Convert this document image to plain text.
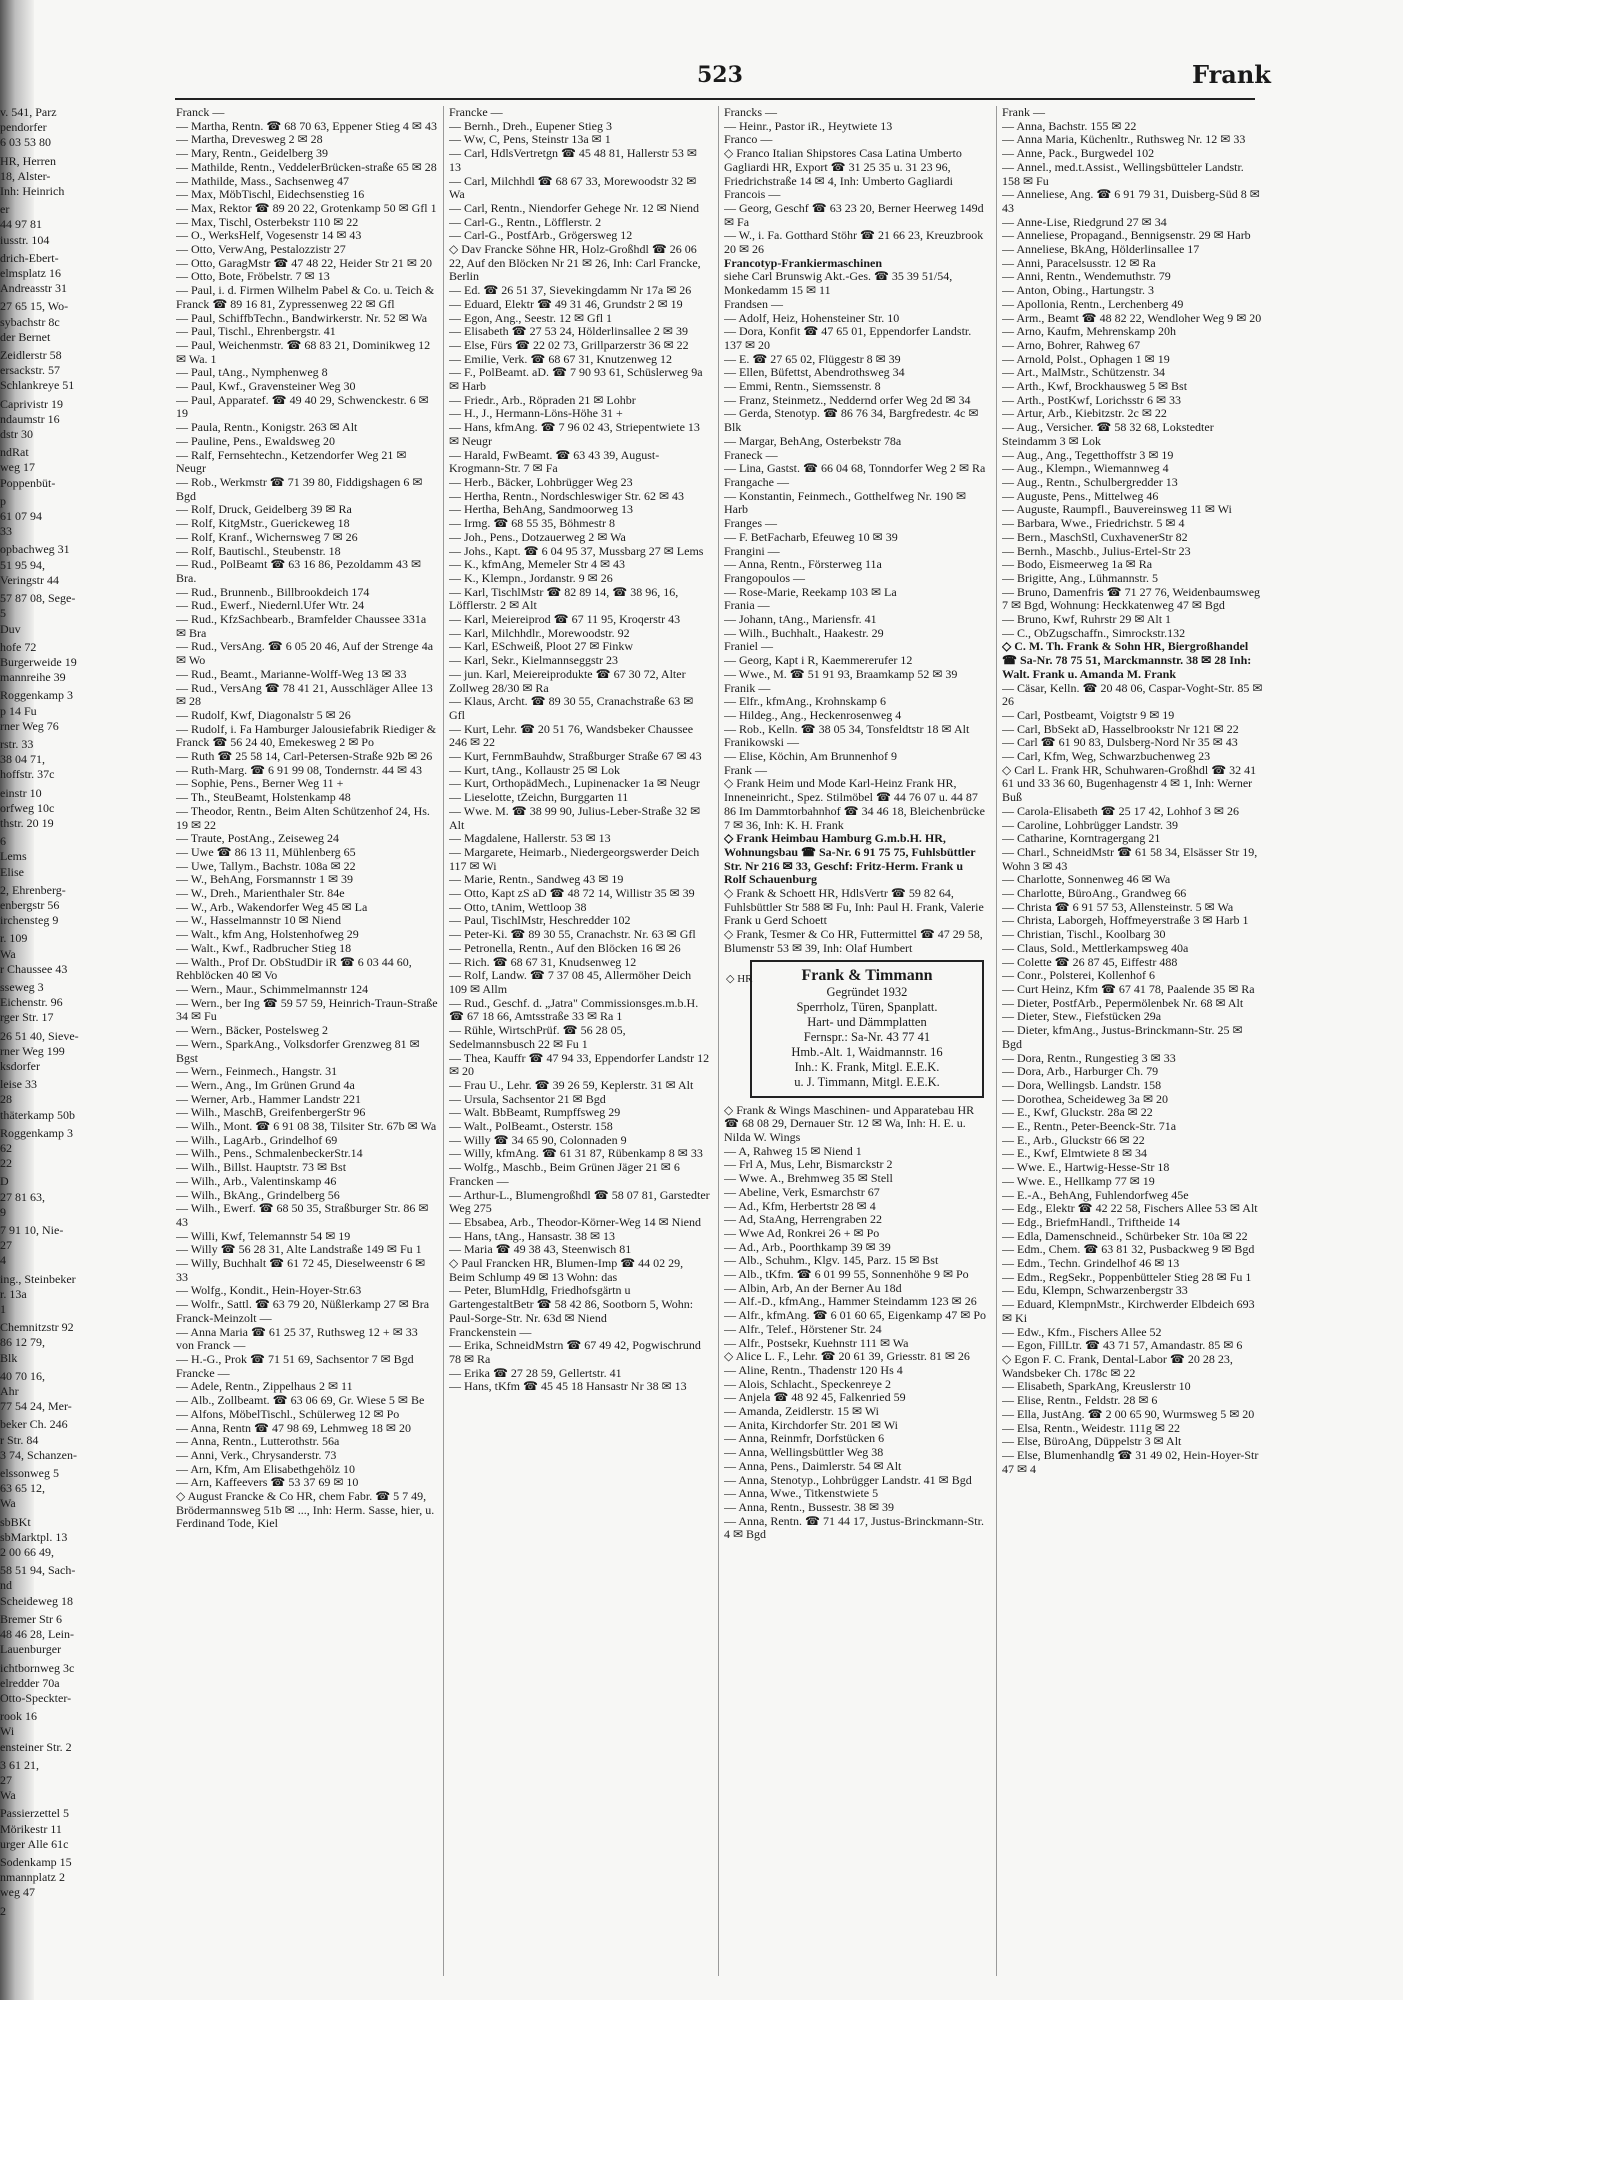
523	Frank
v. 541, Parz
pendorfer
6 03 53 80
HR, Herren
18, Alster-
Inh: Heinrich
er
44 97 81
iusstr. 104
drich-Ebert-
elmsplatz 16
Andreasstr 31
27 65 15, Wo-
sybachstr 8c
der Bernet
Zeidlerstr 58
ersackstr. 57
Schlankreye 51
Caprivistr 19
ndaumstr 16
dstr 30
ndRat
weg 17
Poppenbüt-
p
61 07 94
33
opbachweg 31
51 95 94,
Veringstr 44
57 87 08, Sege-
5
Duv
hofe 72
Burgerweide 19
mannreihe 39
Roggenkamp 3
p 14 Fu
rner Weg 76
rstr. 33
38 04 71,
hoffstr. 37c
einstr 10
orfweg 10c
thstr. 20 19
6
Lems
Elise
2, Ehrenberg-
enbergstr 56
irchensteg 9
r. 109
Wa
r Chaussee 43
sseweg 3
Eichenstr. 96
rger Str. 17
26 51 40, Sieve-
rner Weg 199
ksdorfer
leise 33
28
thäterkamp 50b
Roggenkamp 3
62
22
D
27 81 63,
9
7 91 10, Nie-
27
4
ing., Steinbeker
r. 13a
1
Chemnitzstr 92
86 12 79,
Blk
40 70 16,
Ahr
77 54 24, Mer-
beker Ch. 246
r Str. 84
3 74, Schanzen-
elssonweg 5
63 65 12,
Wa
sbBKt
sbMarktpl. 13
2 00 66 49,
58 51 94, Sach-
nd
Scheideweg 18
Bremer Str 6
48 46 28, Lein-
Lauenburger
ichtbornweg 3c
elredder 70a
Otto-Speckter-
rook 16
Wi
ensteiner Str. 2
3 61 21,
27
Wa
Passierzettel 5
Mörikestr 11
urger Alle 61c
Sodenkamp 15
nmannplatz 2
weg 47
2

Franck —

— Martha, Rentn. ☎ 68 70 63, Eppener Stieg 4 ✉ 43

— Martha, Drevesweg 2 ✉ 28

— Mary, Rentn., Geidelberg 39

— Mathilde, Rentn., VeddelerBrücken-straße 65 ✉ 28

— Mathilde, Mass., Sachsenweg 47

— Max, MöbTischl, Eidechsenstieg 16

— Max, Rektor ☎ 89 20 22, Grotenkamp 50 ✉ Gfl 1

— Max, Tischl, Osterbekstr 110 ✉ 22

— O., WerksHelf, Vogesenstr 14 ✉ 43

— Otto, VerwAng, Pestalozzistr 27

— Otto, GaragMstr ☎ 47 48 22, Heider Str 21 ✉ 20

— Otto, Bote, Fröbelstr. 7 ✉ 13

— Paul, i. d. Firmen Wilhelm Pabel & Co. u. Teich & Franck ☎ 89 16 81, Zypressenweg 22 ✉ Gfl

— Paul, SchiffbTechn., Bandwirkerstr. Nr. 52 ✉ Wa

— Paul, Tischl., Ehrenbergstr. 41

— Paul, Weichenmstr. ☎ 68 83 21, Dominikweg 12 ✉ Wa. 1

— Paul, tAng., Nymphenweg 8

— Paul, Kwf., Gravensteiner Weg 30

— Paul, Apparatef. ☎ 49 40 29, Schwenckestr. 6 ✉ 19

— Paula, Rentn., Konigstr. 263 ✉ Alt

— Pauline, Pens., Ewaldsweg 20

— Ralf, Fernsehtechn., Ketzendorfer Weg 21 ✉ Neugr

— Rob., Werkmstr ☎ 71 39 80, Fiddigshagen 6 ✉ Bgd

— Rolf, Druck, Geidelberg 39 ✉ Ra

— Rolf, KitgMstr., Guerickeweg 18

— Rolf, Kranf., Wichernsweg 7 ✉ 26

— Rolf, Bautischl., Steubenstr. 18

— Rud., PolBeamt ☎ 63 16 86, Pezoldamm 43 ✉ Bra.

— Rud., Brunnenb., Billbrookdeich 174

— Rud., Ewerf., Niedernl.Ufer Wtr. 24

— Rud., KfzSachbearb., Bramfelder Chaussee 331a ✉ Bra

— Rud., VersAng. ☎ 6 05 20 46, Auf der Strenge 4a ✉ Wo

— Rud., Beamt., Marianne-Wolff-Weg 13 ✉ 33

— Rud., VersAng ☎ 78 41 21, Ausschläger Allee 13 ✉ 28

— Rudolf, Kwf, Diagonalstr 5 ✉ 26

— Rudolf, i. Fa Hamburger Jalousiefabrik Riediger & Franck ☎ 56 24 40, Emekesweg 2 ✉ Po

— Ruth ☎ 25 58 14, Carl-Petersen-Straße 92b ✉ 26

— Ruth-Marg. ☎ 6 91 99 08, Tondernstr. 44 ✉ 43

— Sophie, Pens., Berner Weg 11 +

— Th., SteuBeamt, Holstenkamp 48

— Theodor, Rentn., Beim Alten Schützenhof 24, Hs. 19 ✉ 22

— Traute, PostAng., Zeiseweg 24

— Uwe ☎ 86 13 11, Mühlenberg 65

— Uwe, Tallym., Bachstr. 108a ✉ 22

— W., BehAng, Forsmannstr 1 ✉ 39

— W., Dreh., Marienthaler Str. 84e

— W., Arb., Wakendorfer Weg 45 ✉ La

— W., Hasselmannstr 10 ✉ Niend

— Walt., kfm Ang, Holstenhofweg 29

— Walt., Kwf., Radbrucher Stieg 18

— Walth., Prof Dr. ObStudDir iR ☎ 6 03 44 60, Rehblöcken 40 ✉ Vo

— Wern., Maur., Schimmelmannstr 124

— Wern., ber Ing ☎ 59 57 59, Heinrich-Traun-Straße 34 ✉ Fu

— Wern., Bäcker, Postelsweg 2

— Wern., SparkAng., Volksdorfer Grenzweg 81 ✉ Bgst

— Wern., Feinmech., Hangstr. 31

— Wern., Ang., Im Grünen Grund 4a

— Werner, Arb., Hammer Landstr 221

— Wilh., MaschB, GreifenbergerStr 96

— Wilh., Mont. ☎ 6 91 08 38, Tilsiter Str. 67b ✉ Wa

— Wilh., LagArb., Grindelhof 69

— Wilh., Pens., SchmalenbeckerStr.14

— Wilh., Billst. Hauptstr. 73 ✉ Bst

— Wilh., Arb., Valentinskamp 46

— Wilh., BkAng., Grindelberg 56

— Wilh., Ewerf. ☎ 68 50 35, Straßburger Str. 86 ✉ 43

— Willi, Kwf, Telemannstr 54 ✉ 19

— Willy ☎ 56 28 31, Alte Landstraße 149 ✉ Fu 1

— Willy, Buchhalt ☎ 61 72 45, Dieselweenstr 6 ✉ 33

— Wolfg., Kondit., Hein-Hoyer-Str.63

— Wolfr., Sattl. ☎ 63 79 20, Nüßlerkamp 27 ✉ Bra

Franck-Meinzolt —

— Anna Maria ☎ 61 25 37, Ruthsweg 12 + ✉ 33

von Franck —

— H.-G., Prok ☎ 71 51 69, Sachsentor 7 ✉ Bgd

Francke —

— Adele, Rentn., Zippelhaus 2 ✉ 11

— Alb., Zollbeamt. ☎ 63 06 69, Gr. Wiese 5 ✉ Be

— Alfons, MöbelTischl., Schülerweg 12 ✉ Po

— Anna, Rentn ☎ 47 98 69, Lehmweg 18 ✉ 20

— Anna, Rentn., Lutterothstr. 56a

— Anni, Verk., Chrysanderstr. 73

— Arn, Kfm, Am Elisabethgehölz 10

— Arn, Kaffeevers ☎ 53 37 69 ✉ 10

◇ August Francke & Co HR, chem Fabr. ☎ 5 7 49, Brödermannsweg 51b ✉ ..., Inh: Herm. Sasse, hier, u. Ferdinand Tode, Kiel

Francke —

— Bernh., Dreh., Eupener Stieg 3

— Ww, C, Pens, Steinstr 13a ✉ 1

— Carl, HdlsVertretgn ☎ 45 48 81, Hallerstr 53 ✉ 13

— Carl, Milchhdl ☎ 68 67 33, Morewoodstr 32 ✉ Wa

— Carl, Rentn., Niendorfer Gehege Nr. 12 ✉ Niend

— Carl-G., Rentn., Löfflerstr. 2

— Carl-G., PostfArb., Grögersweg 12

◇ Dav Francke Söhne HR, Holz-Großhdl ☎ 26 06 22, Auf den Blöcken Nr 21 ✉ 26, Inh: Carl Francke, Berlin

— Ed. ☎ 26 51 37, Sievekingdamm Nr 17a ✉ 26

— Eduard, Elektr ☎ 49 31 46, Grundstr 2 ✉ 19

— Egon, Ang., Seestr. 12 ✉ Gfl 1

— Elisabeth ☎ 27 53 24, Hölderlinsallee 2 ✉ 39

— Else, Fürs ☎ 22 02 73, Grillparzerstr 36 ✉ 22

— Emilie, Verk. ☎ 68 67 31, Knutzenweg 12

— F., PolBeamt. aD. ☎ 7 90 93 61, Schüslerweg 9a ✉ Harb

— Friedr., Arb., Röpraden 21 ✉ Lohbr

— H., J., Hermann-Löns-Höhe 31 +

— Hans, kfmAng. ☎ 7 96 02 43, Striepentwiete 13 ✉ Neugr

— Harald, FwBeamt. ☎ 63 43 39, August-Krogmann-Str. 7 ✉ Fa

— Herb., Bäcker, Lohbrügger Weg 23

— Hertha, Rentn., Nordschleswiger Str. 62 ✉ 43

— Hertha, BehAng, Sandmoorweg 13

— Irmg. ☎ 68 55 35, Böhmestr 8

— Joh., Pens., Dotzauerweg 2 ✉ Wa

— Johs., Kapt. ☎ 6 04 95 37, Mussbarg 27 ✉ Lems

— K., kfmAng, Memeler Str 4 ✉ 43

— K., Klempn., Jordanstr. 9 ✉ 26

— Karl, TischlMstr ☎ 82 89 14, ☎ 38 96, 16, Löfflerstr. 2 ✉ Alt

— Karl, Meiereiprod ☎ 67 11 95, Kroqerstr 43

— Karl, Milchhdlr., Morewoodstr. 92

— Karl, ESchweiß, Ploot 27 ✉ Finkw

— Karl, Sekr., Kielmannseggstr 23

— jun. Karl, Meiereiprodukte ☎ 67 30 72, Alter Zollweg 28/30 ✉ Ra

— Klaus, Archt. ☎ 89 30 55, Cranachstraße 63 ✉ Gfl

— Kurt, Lehr. ☎ 20 51 76, Wandsbeker Chaussee 246 ✉ 22

— Kurt, FernmBauhdw, Straßburger Straße 67 ✉ 43

— Kurt, tAng., Kollaustr 25 ✉ Lok

— Kurt, OrthopädMech., Lupinenacker 1a ✉ Neugr

— Lieselotte, tZeichn, Burggarten 11

— Wwe. M. ☎ 38 99 90, Julius-Leber-Straße 32 ✉ Alt

— Magdalene, Hallerstr. 53 ✉ 13

— Margarete, Heimarb., Niedergeorgswerder Deich 117 ✉ Wi

— Marie, Rentn., Sandweg 43 ✉ 19

— Otto, Kapt zS aD ☎ 48 72 14, Willistr 35 ✉ 39

— Otto, tAnim, Wettloop 38

— Paul, TischlMstr, Heschredder 102

— Peter-Ki. ☎ 89 30 55, Cranachstr. Nr. 63 ✉ Gfl

— Petronella, Rentn., Auf den Blöcken 16 ✉ 26

— Rich. ☎ 68 67 31, Knudsenweg 12

— Rolf, Landw. ☎ 7 37 08 45, Allermöher Deich 109 ✉ Allm

— Rud., Geschf. d. „Jatra" Commissionsges.m.b.H. ☎ 67 18 66, Amtsstraße 33 ✉ Ra 1

— Rühle, WirtschPrüf. ☎ 56 28 05, Sedelmannsbusch 22 ✉ Fu 1

— Thea, Kauffr ☎ 47 94 33, Eppendorfer Landstr 12 ✉ 20

— Frau U., Lehr. ☎ 39 26 59, Keplerstr. 31 ✉ Alt

— Ursula, Sachsentor 21 ✉ Bgd

— Walt. BbBeamt, Rumpffsweg 29

— Walt., PolBeamt., Osterstr. 158

— Willy ☎ 34 65 90, Colonnaden 9

— Willy, kfmAng. ☎ 61 31 87, Rübenkamp 8 ✉ 33

— Wolfg., Maschb., Beim Grünen Jäger 21 ✉ 6

Francken —

— Arthur-L., Blumengroßhdl ☎ 58 07 81, Garstedter Weg 275

— Ebsabea, Arb., Theodor-Körner-Weg 14 ✉ Niend

— Hans, tAng., Hansastr. 38 ✉ 13

— Maria ☎ 49 38 43, Steenwisch 81

◇ Paul Francken HR, Blumen-Imp ☎ 44 02 29, Beim Schlump 49 ✉ 13 Wohn: das

— Peter, BlumHdlg, Friedhofsgärtn u GartengestaltBetr ☎ 58 42 86, Sootborn 5, Wohn: Paul-Sorge-Str. Nr. 63d ✉ Niend

Franckenstein —

— Erika, SchneidMstrn ☎ 67 49 42, Pogwischrund 78 ✉ Ra

— Erika ☎ 27 28 59, Gellertstr. 41

— Hans, tKfm ☎ 45 45 18 Hansastr Nr 38 ✉ 13

Francks —

— Heinr., Pastor iR., Heytwiete 13

Franco —

◇ Franco Italian Shipstores Casa Latina Umberto Gagliardi HR, Export ☎ 31 25 35 u. 31 23 96, Friedrichstraße 14 ✉ 4, Inh: Umberto Gagliardi

Francois —

— Georg, Geschf ☎ 63 23 20, Berner Heerweg 149d ✉ Fa

— W., i. Fa. Gotthard Stöhr ☎ 21 66 23, Kreuzbrook 20 ✉ 26

Francotyp-Frankiermaschinen

siehe Carl Brunswig Akt.-Ges. ☎ 35 39 51/54, Monkedamm 15 ✉ 11

Frandsen —

— Adolf, Heiz, Hohensteiner Str. 10

— Dora, Konfit ☎ 47 65 01, Eppendorfer Landstr. 137 ✉ 20

— E. ☎ 27 65 02, Flüggestr 8 ✉ 39

— Ellen, Büfettst, Abendrothsweg 34

— Emmi, Rentn., Siemssenstr. 8

— Franz, Steinmetz., Neddernd orfer Weg 2d ✉ 34

— Gerda, Stenotyp. ☎ 86 76 34, Bargfredestr. 4c ✉ Blk

— Margar, BehAng, Osterbekstr 78a

Franeck —

— Lina, Gastst. ☎ 66 04 68, Tonndorfer Weg 2 ✉ Ra

Frangache —

— Konstantin, Feinmech., Gotthelfweg Nr. 190 ✉ Harb

Franges —

— F. BetFacharb, Efeuweg 10 ✉ 39

Frangini —

— Anna, Rentn., Försterweg 11a

Frangopoulos —

— Rose-Marie, Reekamp 103 ✉ La

Frania —

— Johann, tAng., Mariensfr. 41

— Wilh., Buchhalt., Haakestr. 29

Franiel —

— Georg, Kapt i R, Kaemmererufer 12

— Wwe., M. ☎ 51 91 93, Braamkamp 52 ✉ 39

Franik —

— Elfr., kfmAng., Krohnskamp 6

— Hildeg., Ang., Heckenrosenweg 4

— Rob., Kelln. ☎ 38 05 34, Tonsfeldtstr 18 ✉ Alt

Franikowski —

— Elise, Köchin, Am Brunnenhof 9

Frank —

◇ Frank Heim und Mode Karl-Heinz Frank HR, Inneneinricht., Spez. Stilmöbel ☎ 44 76 07 u. 44 87 86 Im Dammtorbahnhof ☎ 34 46 18, Bleichenbrücke 7 ✉ 36, Inh: K. H. Frank

◇ Frank Heimbau Hamburg G.m.b.H. HR, Wohnungsbau ☎ Sa-Nr. 6 91 75 75, Fuhlsbüttler Str. Nr 216 ✉ 33, Geschf: Fritz-Herm. Frank u Rolf Schauenburg

◇ Frank & Schoett HR, HdlsVertr ☎ 59 82 64, Fuhlsbüttler Str 588 ✉ Fu, Inh: Paul H. Frank, Valerie Frank u Gerd Schoett

◇ Frank, Tesmer & Co HR, Futtermittel ☎ 47 29 58, Blumenstr 53 ✉ 39, Inh: Olaf Humbert

Frank & Timmann
Gegründet 1932
Sperrholz, Türen, Spanplatt.
Hart- und Dämmplatten
Fernspr.: Sa-Nr. 43 77 41
Hmb.-Alt. 1, Waidmannstr. 16
Inh.: K. Frank, Mitgl. E.E.K.
u. J. Timmann, Mitgl. E.E.K.
◇ HR

◇ Frank & Wings Maschinen- und Apparatebau HR ☎ 68 08 29, Dernauer Str. 12 ✉ Wa, Inh: H. E. u. Nilda W. Wings

— A, Rahweg 15 ✉ Niend 1

— Frl A, Mus, Lehr, Bismarckstr 2

— Wwe. A., Brehmweg 35 ✉ Stell

— Abeline, Verk, Esmarchstr 67

— Ad., Kfm, Herbertstr 28 ✉ 4

— Ad, StaAng, Herrengraben 22

— Wwe Ad, Ronkrei 26 + ✉ Po

— Ad., Arb., Poorthkamp 39 ✉ 39

— Alb., Schuhm., Klgv. 145, Parz. 15 ✉ Bst

— Alb., tKfm. ☎ 6 01 99 55, Sonnenhöhe 9 ✉ Po

— Albin, Arb, An der Berner Au 18d

— Alf.-D., kfmAng., Hammer Steindamm 123 ✉ 26

— Alfr., kfmAng. ☎ 6 01 60 65, Eigenkamp 47 ✉ Po

— Alfr., Telef., Hörstener Str. 24

— Alfr., Postsekr, Kuehnstr 111 ✉ Wa

◇ Alice L. F., Lehr. ☎ 20 61 39, Griesstr. 81 ✉ 26

— Aline, Rentn., Thadenstr 120 Hs 4

— Alois, Schlacht., Speckenreye 2

— Anjela ☎ 48 92 45, Falkenried 59

— Amanda, Zeidlerstr. 15 ✉ Wi

— Anita, Kirchdorfer Str. 201 ✉ Wi

— Anna, Reinmfr, Dorfstücken 6

— Anna, Wellingsbüttler Weg 38

— Anna, Pens., Daimlerstr. 54 ✉ Alt

— Anna, Stenotyp., Lohbrügger Landstr. 41 ✉ Bgd

— Anna, Wwe., Titkenstwiete 5

— Anna, Rentn., Bussestr. 38 ✉ 39

— Anna, Rentn. ☎ 71 44 17, Justus-Brinckmann-Str. 4 ✉ Bgd

Frank —

— Anna, Bachstr. 155 ✉ 22

— Anna Maria, Küchenltr., Ruthsweg Nr. 12 ✉ 33

— Anne, Pack., Burgwedel 102

— Annel., med.t.Assist., Wellingsbütteler Landstr. 158 ✉ Fu

— Anneliese, Ang. ☎ 6 91 79 31, Duisberg-Süd 8 ✉ 43

— Anne-Lise, Riedgrund 27 ✉ 34

— Anneliese, Propagand., Bennigsenstr. 29 ✉ Harb

— Anneliese, BkAng, Hölderlinsallee 17

— Anni, Paracelsusstr. 12 ✉ Ra

— Anni, Rentn., Wendemuthstr. 79

— Anton, Obing., Hartungstr. 3

— Apollonia, Rentn., Lerchenberg 49

— Arm., Beamt ☎ 48 82 22, Wendloher Weg 9 ✉ 20

— Arno, Kaufm, Mehrenskamp 20h

— Arno, Bohrer, Rahweg 67

— Arnold, Polst., Ophagen 1 ✉ 19

— Art., MalMstr., Schützenstr. 34

— Arth., Kwf, Brockhausweg 5 ✉ Bst

— Arth., PostKwf, Lorichsstr 6 ✉ 33

— Artur, Arb., Kiebitzstr. 2c ✉ 22

— Aug., Versicher. ☎ 58 32 68, Lokstedter Steindamm 3 ✉ Lok

— Aug., Ang., Tegetthoffstr 3 ✉ 19

— Aug., Klempn., Wiemannweg 4

— Aug., Rentn., Schulbergredder 13

— Auguste, Pens., Mittelweg 46

— Auguste, Raumpfl., Bauvereinsweg 11 ✉ Wi

— Barbara, Wwe., Friedrichstr. 5 ✉ 4

— Bern., MaschStl, CuxhavenerStr 82

— Bernh., Maschb., Julius-Ertel-Str 23

— Bodo, Eismeerweg 1a ✉ Ra

— Brigitte, Ang., Lühmannstr. 5

— Bruno, Damenfris ☎ 71 27 76, Weidenbaumsweg 7 ✉ Bgd, Wohnung: Heckkatenweg 47 ✉ Bgd

— Bruno, Kwf, Ruhrstr 29 ✉ Alt 1

— C., ObZugschaffn., Simrockstr.132

◇ C. M. Th. Frank & Sohn HR, Biergroßhandel ☎ Sa-Nr. 78 75 51, Marckmannstr. 38 ✉ 28 Inh: Walt. Frank u. Amanda M. Frank

— Cäsar, Kelln. ☎ 20 48 06, Caspar-Voght-Str. 85 ✉ 26

— Carl, Postbeamt, Voigtstr 9 ✉ 19

— Carl, BbSekt aD, Hasselbrookstr Nr 121 ✉ 22

— Carl ☎ 61 90 83, Dulsberg-Nord Nr 35 ✉ 43

— Carl, Kfm, Weg, Schwarzbuchenweg 23

◇ Carl L. Frank HR, Schuhwaren-Großhdl ☎ 32 41 61 und 33 36 60, Bugenhagenstr 4 ✉ 1, Inh: Werner Buß

— Carola-Elisabeth ☎ 25 17 42, Lohhof 3 ✉ 26

— Caroline, Lohbrügger Landstr. 39

— Catharine, Korntragergang 21

— Charl., SchneidMstr ☎ 61 58 34, Elsässer Str 19, Wohn 3 ✉ 43

— Charlotte, Sonnenweg 46 ✉ Wa

— Charlotte, BüroAng., Grandweg 66

— Christa ☎ 6 91 57 53, Allensteinstr. 5 ✉ Wa

— Christa, Laborgeh, Hoffmeyerstraße 3 ✉ Harb 1

— Christian, Tischl., Koolbarg 30

— Claus, Sold., Mettlerkampsweg 40a

— Colette ☎ 26 87 45, Eiffestr 488

— Conr., Polsterei, Kollenhof 6

— Curt Heinz, Kfm ☎ 67 41 78, Paalende 35 ✉ Ra

— Dieter, PostfArb., Pepermölenbek Nr. 68 ✉ Alt

— Dieter, Stew., Fiefstücken 29a

— Dieter, kfmAng., Justus-Brinckmann-Str. 25 ✉ Bgd

— Dora, Rentn., Rungestieg 3 ✉ 33

— Dora, Arb., Harburger Ch. 79

— Dora, Wellingsb. Landstr. 158

— Dorothea, Scheideweg 3a ✉ 20

— E., Kwf, Gluckstr. 28a ✉ 22

— E., Rentn., Peter-Beenck-Str. 71a

— E., Arb., Gluckstr 66 ✉ 22

— E., Kwf, Elmtwiete 8 ✉ 34

— Wwe. E., Hartwig-Hesse-Str 18

— Wwe. E., Hellkamp 77 ✉ 19

— E.-A., BehAng, Fuhlendorfweg 45e

— Edg., Elektr ☎ 42 22 58, Fischers Allee 53 ✉ Alt

— Edg., BriefmHandl., Triftheide 14

— Edla, Damenschneid., Schürbeker Str. 10a ✉ 22

— Edm., Chem. ☎ 63 81 32, Pusbackweg 9 ✉ Bgd

— Edm., Techn. Grindelhof 46 ✉ 13

— Edm., RegSekr., Poppenbütteler Stieg 28 ✉ Fu 1

— Edu, Klempn, Schwarzenbergstr 33

— Eduard, KlempnMstr., Kirchwerder Elbdeich 693 ✉ Ki

— Edw., Kfm., Fischers Allee 52

— Egon, FillLtr. ☎ 43 71 57, Amandastr. 85 ✉ 6

◇ Egon F. C. Frank, Dental-Labor ☎ 20 28 23, Wandsbeker Ch. 178c ✉ 22

— Elisabeth, SparkAng, Kreuslerstr 10

— Elise, Rentn., Feldstr. 28 ✉ 6

— Ella, JustAng. ☎ 2 00 65 90, Wurmsweg 5 ✉ 20

— Elsa, Rentn., Weidestr. 111g ✉ 22

— Else, BüroAng, Düppelstr 3 ✉ Alt

— Else, Blumenhandlg ☎ 31 49 02, Hein-Hoyer-Str 47 ✉ 4
